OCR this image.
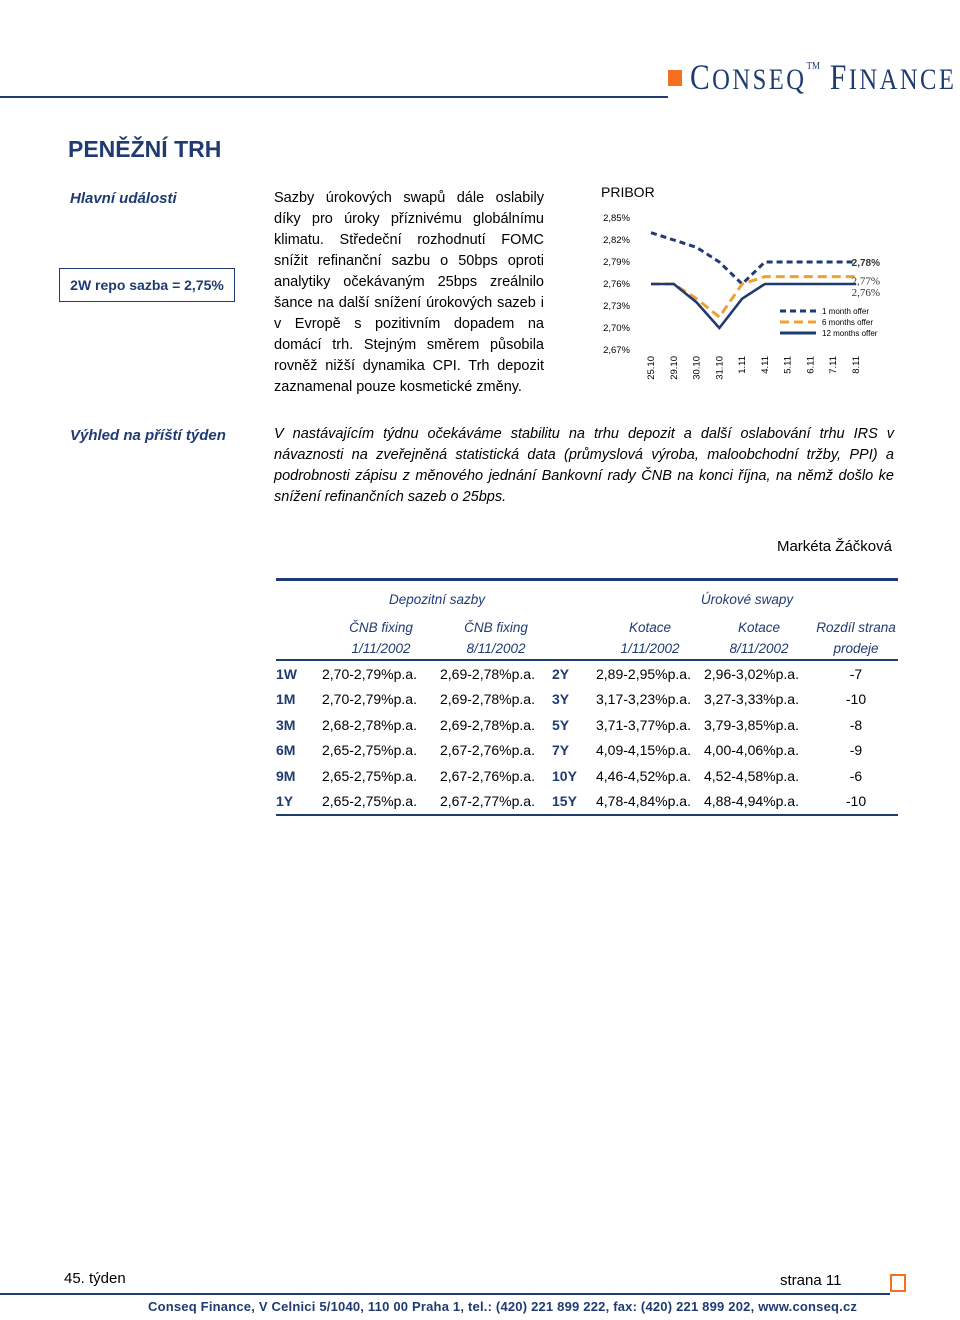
CONSEQ™ FINANCE
PENĚŽNÍ TRH
Hlavní události
2W repo sazba = 2,75%
Sazby úrokových swapů dále oslabily díky pro úroky příznivému globálnímu klimatu. Středeční rozhodnutí FOMC snížit refinanční sazbu o 50bps oproti analytiky očekávaným 25bps zreálnilo šance na další snížení úrokových sazeb i v Evropě s pozitivním dopadem na domácí trh. Stejným směrem působila rovněž nižší dynamika CPI. Trh depozit zaznamenal pouze kosmetické změny.
PRIBOR
2,85%
2,82%
2,79%
2,76%
2,73%
2,70%
2,67%
25.10 29.10 30.10 31.10 1.11 4.11 5.11 6.11 7.11 8.11
2,78%
2,77%
2,76%
1 month offer
6 months offer
12 months offer
Výhled na příští týden	V nastávajícím týdnu očekáváme stabilitu na trhu depozit a další oslabování trhu IRS v návaznosti na zveřejněná statistická data (průmyslová výroba, maloobchodní tržby, PPI) a podrobnosti zápisu z měnového jednání Bankovní rady ČNB na konci října, na němž došlo ke snížení refinančních sazeb o 25bps.
Markéta Žáčková
	Depozitní sazby			Úrokové swapy		
	ČNB fixing	ČNB fixing		Kotace	Kotace	Rozdíl strana
	1/11/2002	8/11/2002		1/11/2002	8/11/2002	prodeje
1W	2,70-2,79%p.a.	2,69-2,78%p.a.	2Y	2,89-2,95%p.a.	2,96-3,02%p.a.	-7
1M	2,70-2,79%p.a.	2,69-2,78%p.a.	3Y	3,17-3,23%p.a.	3,27-3,33%p.a.	-10
3M	2,68-2,78%p.a.	2,69-2,78%p.a.	5Y	3,71-3,77%p.a.	3,79-3,85%p.a.	-8
6M	2,65-2,75%p.a.	2,67-2,76%p.a.	7Y	4,09-4,15%p.a.	4,00-4,06%p.a.	-9
9M	2,65-2,75%p.a.	2,67-2,76%p.a.	10Y	4,46-4,52%p.a.	4,52-4,58%p.a.	-6
1Y	2,65-2,75%p.a.	2,67-2,77%p.a.	15Y	4,78-4,84%p.a.	4,88-4,94%p.a.	-10
45. týden	strana 11
Conseq Finance, V Celnici 5/1040, 110 00 Praha 1, tel.: (420) 221 899 222, fax: (420) 221 899 202, www.conseq.cz
